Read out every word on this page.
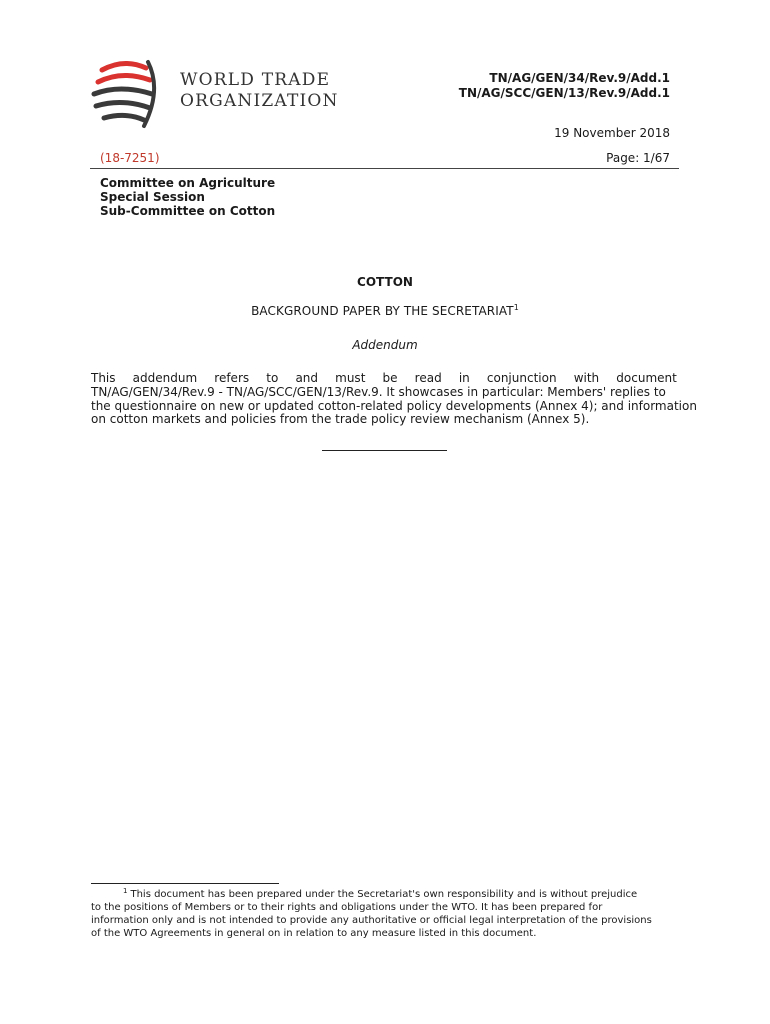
WORLD TRADE
ORGANIZATION
TN/AG/GEN/34/Rev.9/Add.1
TN/AG/SCC/GEN/13/Rev.9/Add.1
19 November 2018
(18-7251)	Page: 1/67
Committee on Agriculture
Special Session
Sub-Committee on Cotton
COTTON
BACKGROUND PAPER BY THE SECRETARIAT$^1$
Addendum
This addendum refers to and must be read in conjunction with document
TN/AG/GEN/34/Rev.9 - TN/AG/SCC/GEN/13/Rev.9. It showcases in particular: Members' replies to
the questionnaire on new or updated cotton-related policy developments (Annex 4); and information
on cotton markets and policies from the trade policy review mechanism (Annex 5).
$^1$ This document has been prepared under the Secretariat's own responsibility and is without prejudice
to the positions of Members or to their rights and obligations under the WTO. It has been prepared for
information only and is not intended to provide any authoritative or official legal interpretation of the provisions
of the WTO Agreements in general on in relation to any measure listed in this document.
